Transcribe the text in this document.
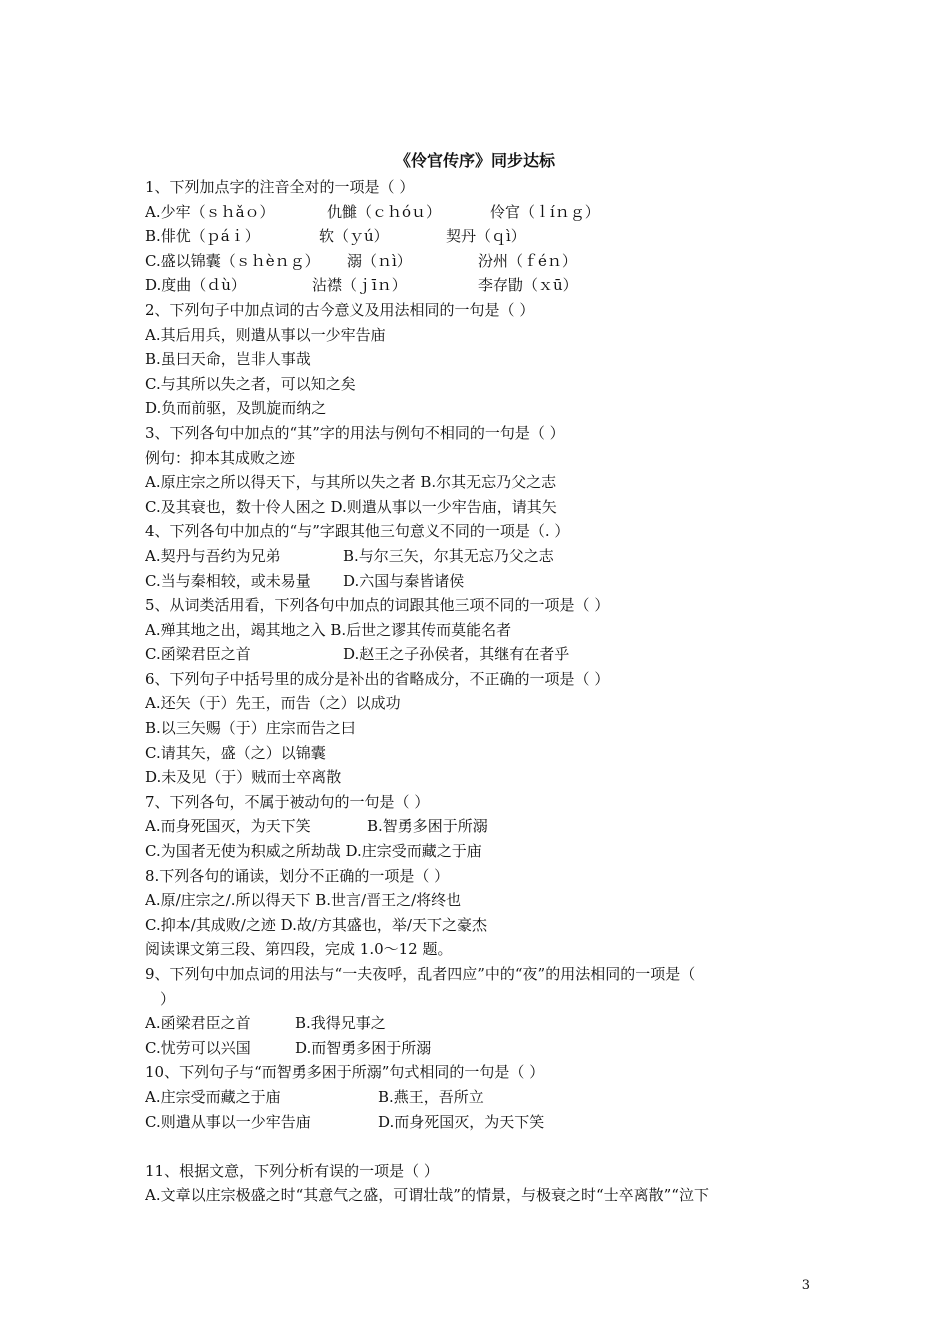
《伶官传序》同步达标
1、下列加点字的注音全对的一项是（ ）
A.少牢（ｓｈǎｏ）	仇雠（ｃｈóｕ）	伶官（ｌíｎｇ）
B.俳优（ｐáｉ）	软（ｙú）	契丹（ｑì）
C.盛以锦囊（ｓｈèｎｇ）	溺（ｎì）	汾州（ｆéｎ）
D.度曲（ｄù）	沾襟（ｊīｎ）	李存勖（ｘū）
2、下列句子中加点词的古今意义及用法相同的一句是（ ）
A.其后用兵，则遣从事以一少牢告庙
B.虽曰天命，岂非人事哉
C.与其所以失之者，可以知之矣
D.负而前驱，及凯旋而纳之
3、下列各句中加点的“其”字的用法与例句不相同的一句是（ ）
例句：抑本其成败之迹
A.原庄宗之所以得天下，与其所以失之者 B.尔其无忘乃父之志
C.及其衰也，数十伶人困之 D.则遣从事以一少牢告庙，请其矢
4、下列各句中加点的“与”字跟其他三句意义不同的一项是（. ）
A.契丹与吾约为兄弟	B.与尔三矢，尔其无忘乃父之志
C.当与秦相较，或未易量	D.六国与秦皆诸侯
5、从词类活用看，下列各句中加点的词跟其他三项不同的一项是（ ）
A.殚其地之出，竭其地之入 B.后世之谬其传而莫能名者
C.函梁君臣之首	D.赵王之子孙侯者，其继有在者乎
6、下列句子中括号里的成分是补出的省略成分，不正确的一项是（ ）
A.还矢（于）先王，而告（之）以成功
B.以三矢赐（于）庄宗而告之曰
C.请其矢，盛（之）以锦囊
D.未及见（于）贼而士卒离散
7、下列各句，不属于被动句的一句是（ ）
A.而身死国灭，为天下笑	B.智勇多困于所溺
C.为国者无使为积威之所劫哉 D.庄宗受而藏之于庙
8.下列各句的诵读，划分不正确的一项是（ ）
A.原/庄宗之/.所以得天下 B.世言/晋王之/将终也
C.抑本/其成败/之迹 D.故/方其盛也，举/天下之豪杰
阅读课文第三段、第四段，完成 1.0～12 题。
9、下列句中加点词的用法与“一夫夜呼，乱者四应”中的“夜”的用法相同的一项是（
）
A.函梁君臣之首	B.我得兄事之
C.忧劳可以兴国	D.而智勇多困于所溺
10、下列句子与“而智勇多困于所溺”句式相同的一句是（ ）
A.庄宗受而藏之于庙	B.燕王，吾所立
C.则遣从事以一少牢告庙	D.而身死国灭，为天下笑
11、根据文意，下列分析有误的一项是（ ）
A.文章以庄宗极盛之时“其意气之盛，可谓壮哉”的情景，与极衰之时“士卒离散”“泣下
3
